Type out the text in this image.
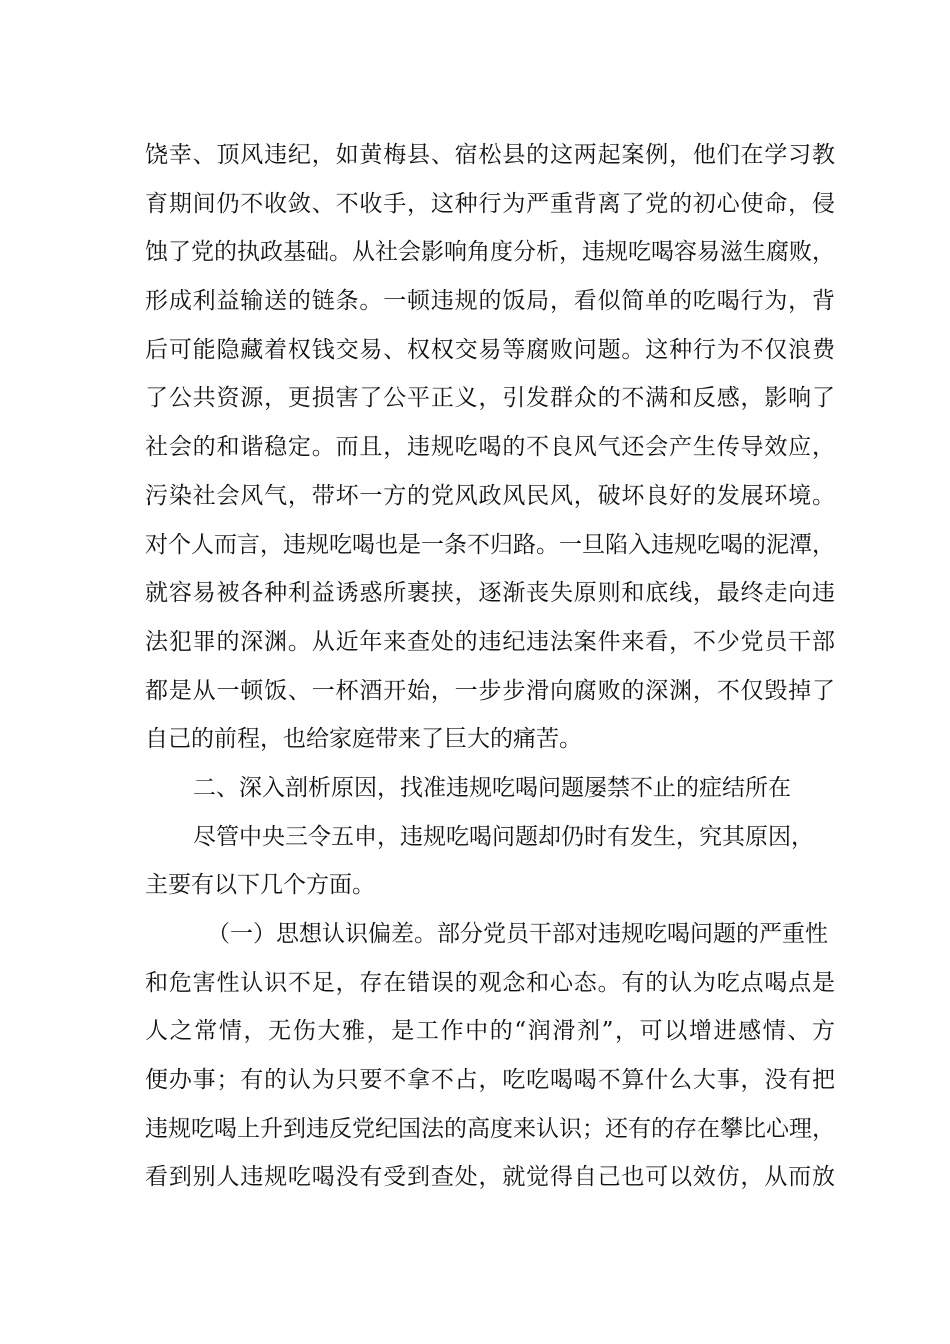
饶幸、顶风违纪，如黄梅县、宿松县的这两起案例，他们在学习教
育期间仍不收敛、不收手，这种行为严重背离了党的初心使命，侵
蚀了党的执政基础。从社会影响角度分析，违规吃喝容易滋生腐败，
形成利益输送的链条。一顿违规的饭局，看似简单的吃喝行为，背
后可能隐藏着权钱交易、权权交易等腐败问题。这种行为不仅浪费
了公共资源，更损害了公平正义，引发群众的不满和反感，影响了
社会的和谐稳定。而且，违规吃喝的不良风气还会产生传导效应，
污染社会风气，带坏一方的党风政风民风，破坏良好的发展环境。
对个人而言，违规吃喝也是一条不归路。一旦陷入违规吃喝的泥潭，
就容易被各种利益诱惑所裹挟，逐渐丧失原则和底线，最终走向违
法犯罪的深渊。从近年来查处的违纪违法案件来看，不少党员干部
都是从一顿饭、一杯酒开始，一步步滑向腐败的深渊，不仅毁掉了
自己的前程，也给家庭带来了巨大的痛苦。
二、深入剖析原因，找准违规吃喝问题屡禁不止的症结所在
尽管中央三令五申，违规吃喝问题却仍时有发生，究其原因，
主要有以下几个方面。
（一）思想认识偏差。部分党员干部对违规吃喝问题的严重性
和危害性认识不足，存在错误的观念和心态。有的认为吃点喝点是
人之常情，无伤大雅，是工作中的“润滑剂”，可以增进感情、方
便办事；有的认为只要不拿不占，吃吃喝喝不算什么大事，没有把
违规吃喝上升到违反党纪国法的高度来认识；还有的存在攀比心理，
看到别人违规吃喝没有受到查处，就觉得自己也可以效仿，从而放
